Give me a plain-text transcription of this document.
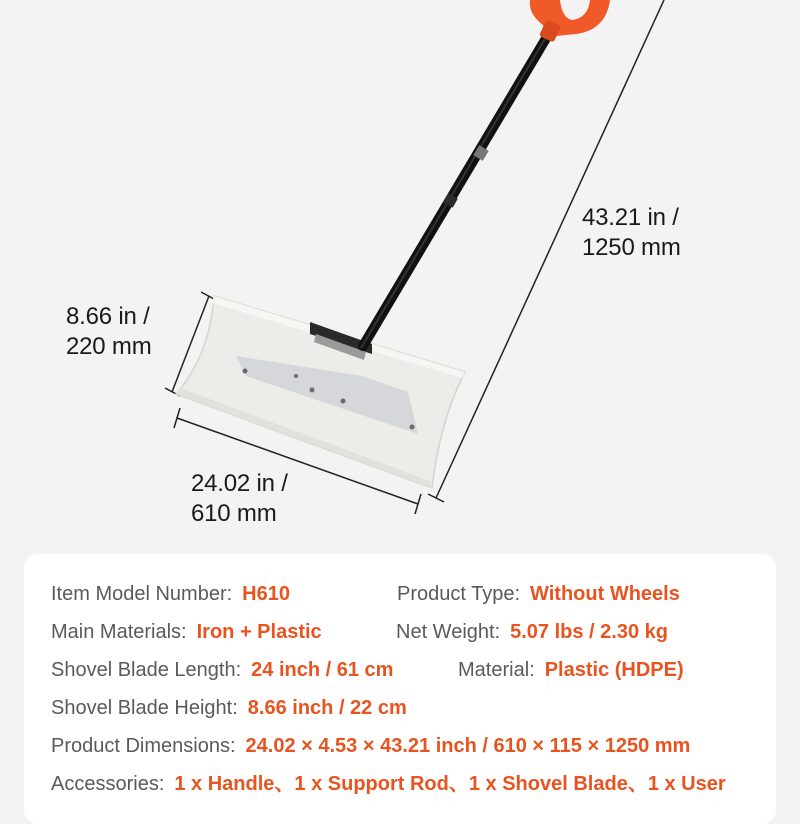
43.21 in /
1250 mm
8.66 in /
220 mm
24.02 in /
610 mm
Item Model Number: H610	Product Type: Without Wheels
Main Materials: Iron + Plastic	Net Weight: 5.07 lbs / 2.30 kg
Shovel Blade Length: 24 inch / 61 cm	Material: Plastic (HDPE)
Shovel Blade Height: 8.66 inch / 22 cm
Product Dimensions: 24.02 × 4.53 × 43.21 inch / 610 × 115 × 1250 mm
Accessories: 1 x Handle、1 x Support Rod、1 x Shovel Blade、1 x User
